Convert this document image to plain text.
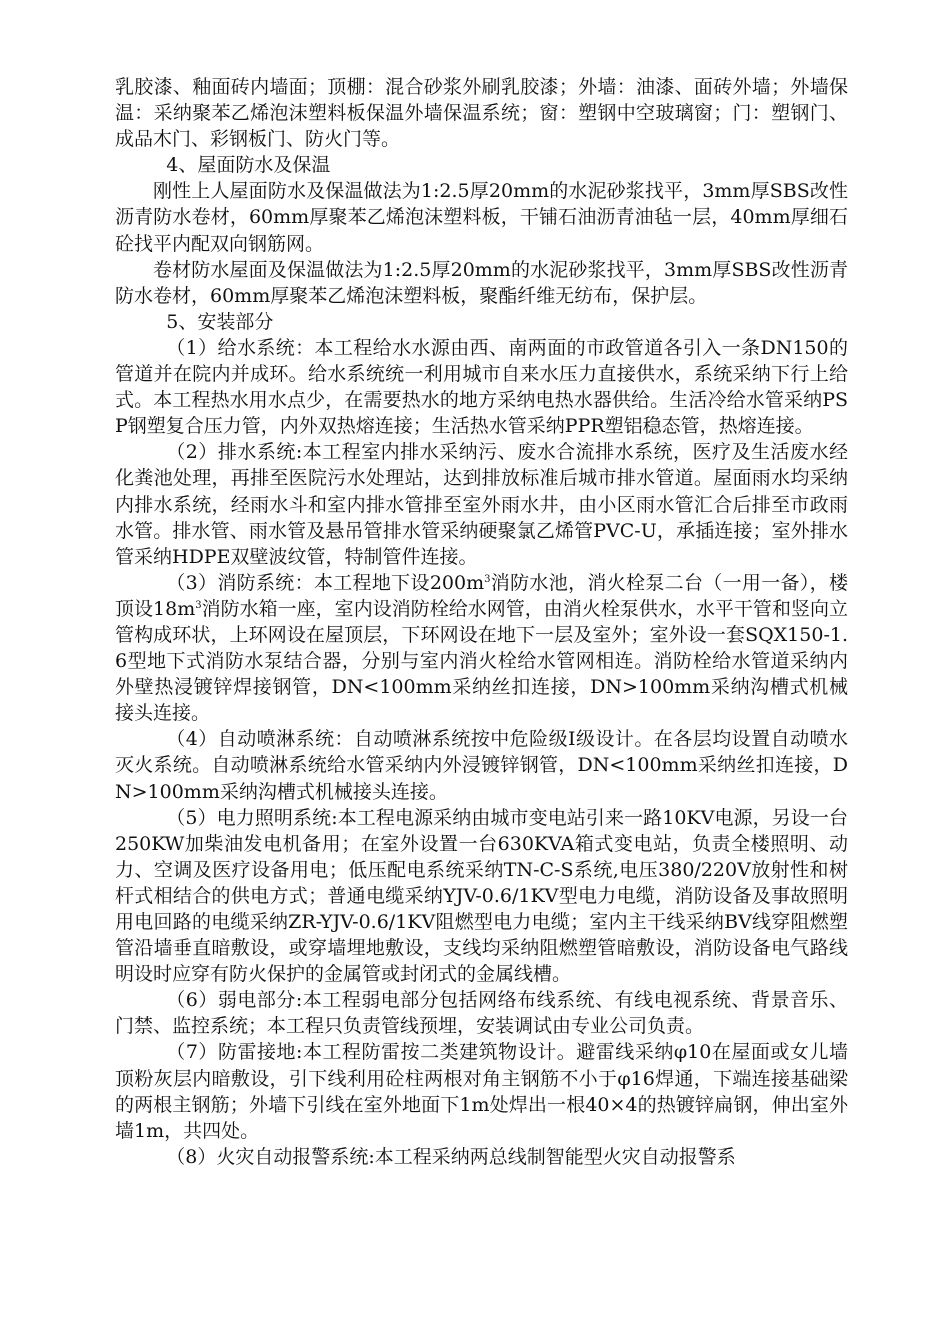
乳胶漆、釉面砖内墙面；顶棚：混合砂浆外刷乳胶漆；外墙：油漆、面砖外墙；外墙保温：采纳聚苯乙烯泡沫塑料板保温外墙保温系统；窗：塑钢中空玻璃窗；门：塑钢门、成品木门、彩钢板门、防火门等。

4、屋面防水及保温

刚性上人屋面防水及保温做法为1:2.5厚20mm的水泥砂浆找平，3mm厚SBS改性沥青防水卷材，60mm厚聚苯乙烯泡沫塑料板，干铺石油沥青油毡一层，40mm厚细石砼找平内配双向钢筋网。

卷材防水屋面及保温做法为1:2.5厚20mm的水泥砂浆找平，3mm厚SBS改性沥青防水卷材，60mm厚聚苯乙烯泡沫塑料板，聚酯纤维无纺布，保护层。

5、安装部分

（1）给水系统：本工程给水水源由西、南两面的市政管道各引入一条DN150的管道并在院内并成环。给水系统统一利用城市自来水压力直接供水，系统采纳下行上给式。本工程热水用水点少，在需要热水的地方采纳电热水器供给。生活冷给水管采纳PSP钢塑复合压力管，内外双热熔连接；生活热水管采纳PPR塑铝稳态管，热熔连接。

（2）排水系统:本工程室内排水采纳污、废水合流排水系统，医疗及生活废水经化粪池处理，再排至医院污水处理站，达到排放标准后城市排水管道。屋面雨水均采纳内排水系统，经雨水斗和室内排水管排至室外雨水井，由小区雨水管汇合后排至市政雨水管。排水管、雨水管及悬吊管排水管采纳硬聚氯乙烯管PVC-U，承插连接；室外排水管采纳HDPE双壁波纹管，特制管件连接。

（3）消防系统：本工程地下设$200m^3$消防水池，消火栓泵二台（一用一备），楼顶设$18m^3$消防水箱一座，室内设消防栓给水网管，由消火栓泵供水，水平干管和竖向立管构成环状，上环网设在屋顶层，下环网设在地下一层及室外；室外设一套SQX150-1.6型地下式消防水泵结合器，分别与室内消火栓给水管网相连。消防栓给水管道采纳内外壁热浸镀锌焊接钢管，DN<100mm采纳丝扣连接，DN>100mm采纳沟槽式机械接头连接。

（4）自动喷淋系统：自动喷淋系统按中危险级Ⅰ级设计。在各层均设置自动喷水灭火系统。自动喷淋系统给水管采纳内外浸镀锌钢管，DN<100mm采纳丝扣连接，DN>100mm采纳沟槽式机械接头连接。

（5）电力照明系统:本工程电源采纳由城市变电站引来一路10KV电源，另设一台250KW加柴油发电机备用；在室外设置一台630KVA箱式变电站，负责全楼照明、动力、空调及医疗设备用电；低压配电系统采纳TN-C-S系统,电压380/220V放射性和树杆式相结合的供电方式；普通电缆采纳YJV-0.6/1KV型电力电缆，消防设备及事故照明用电回路的电缆采纳ZR-YJV-0.6/1KV阻燃型电力电缆；室内主干线采纳BV线穿阻燃塑管沿墙垂直暗敷设，或穿墙埋地敷设，支线均采纳阻燃塑管暗敷设，消防设备电气路线明设时应穿有防火保护的金属管或封闭式的金属线槽。

（6）弱电部分:本工程弱电部分包括网络布线系统、有线电视系统、背景音乐、门禁、监控系统；本工程只负责管线预埋，安装调试由专业公司负责。

（7）防雷接地:本工程防雷按二类建筑物设计。避雷线采纳φ10在屋面或女儿墙顶粉灰层内暗敷设，引下线利用砼柱两根对角主钢筋不小于φ16焊通，下端连接基础梁的两根主钢筋；外墙下引线在室外地面下1m处焊出一根40×4的热镀锌扁钢，伸出室外墙1m，共四处。

（8）火灾自动报警系统:本工程采纳两总线制智能型火灾自动报警系
